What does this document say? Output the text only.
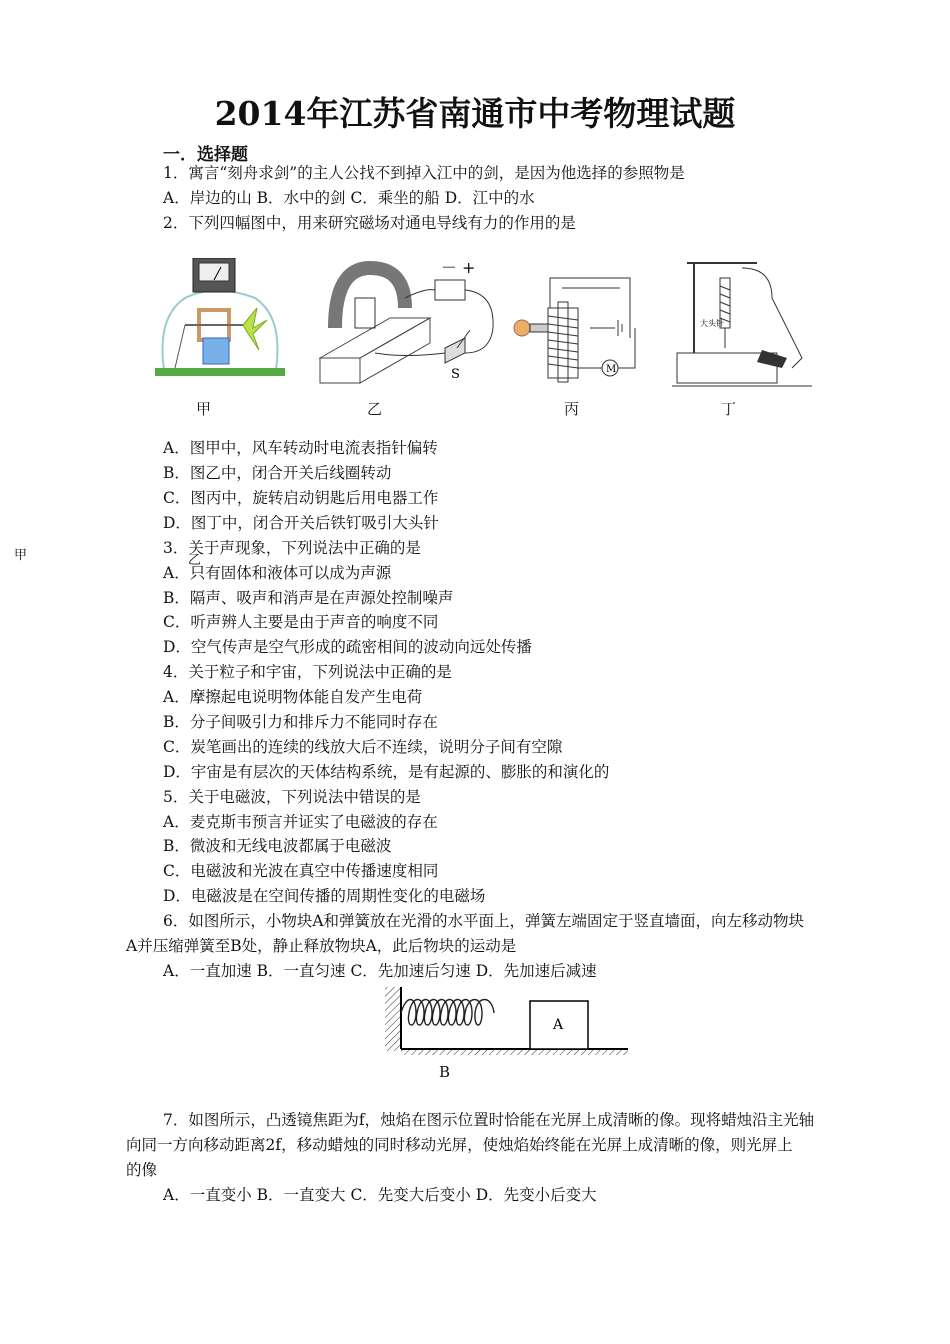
2014年江苏省南通市中考物理试题
一．选择题
1．寓言“刻舟求剑”的主人公找不到掉入江中的剑，是因为他选择的参照物是
A．岸边的山 B．水中的剑 C．乘坐的船 D．江中的水
2．下列四幅图中，用来研究磁场对通电导线有力的作用的是
甲
－ +
S
乙
M
丙
大头针
丁
A．图甲中，风车转动时电流表指针偏转
B．图乙中，闭合开关后线圈转动
C．图丙中，旋转启动钥匙后用电器工作
D．图丁中，闭合开关后铁钉吸引大头针
甲	乙
3．关于声现象，下列说法中正确的是
A．只有固体和液体可以成为声源
B．隔声、吸声和消声是在声源处控制噪声
C．听声辨人主要是由于声音的响度不同
D．空气传声是空气形成的疏密相间的波动向远处传播
4．关于粒子和宇宙，下列说法中正确的是
A．摩擦起电说明物体能自发产生电荷
B．分子间吸引力和排斥力不能同时存在
C．炭笔画出的连续的线放大后不连续，说明分子间有空隙
D．宇宙是有层次的天体结构系统，是有起源的、膨胀的和演化的
5．关于电磁波，下列说法中错误的是
A．麦克斯韦预言并证实了电磁波的存在
B．微波和无线电波都属于电磁波
C．电磁波和光波在真空中传播速度相同
D．电磁波是在空间传播的周期性变化的电磁场
6．如图所示，小物块A和弹簧放在光滑的水平面上，弹簧左端固定于竖直墙面，向左移动物块
A并压缩弹簧至B处，静止释放物块A，此后物块的运动是
A．一直加速 B．一直匀速 C．先加速后匀速 D．先加速后减速
A
B
7．如图所示，凸透镜焦距为f，烛焰在图示位置时恰能在光屏上成清晰的像。现将蜡烛沿主光轴
向同一方向移动距离2f，移动蜡烛的同时移动光屏，使烛焰始终能在光屏上成清晰的像，则光屏上
的像
A．一直变小 B．一直变大 C．先变大后变小 D．先变小后变大
